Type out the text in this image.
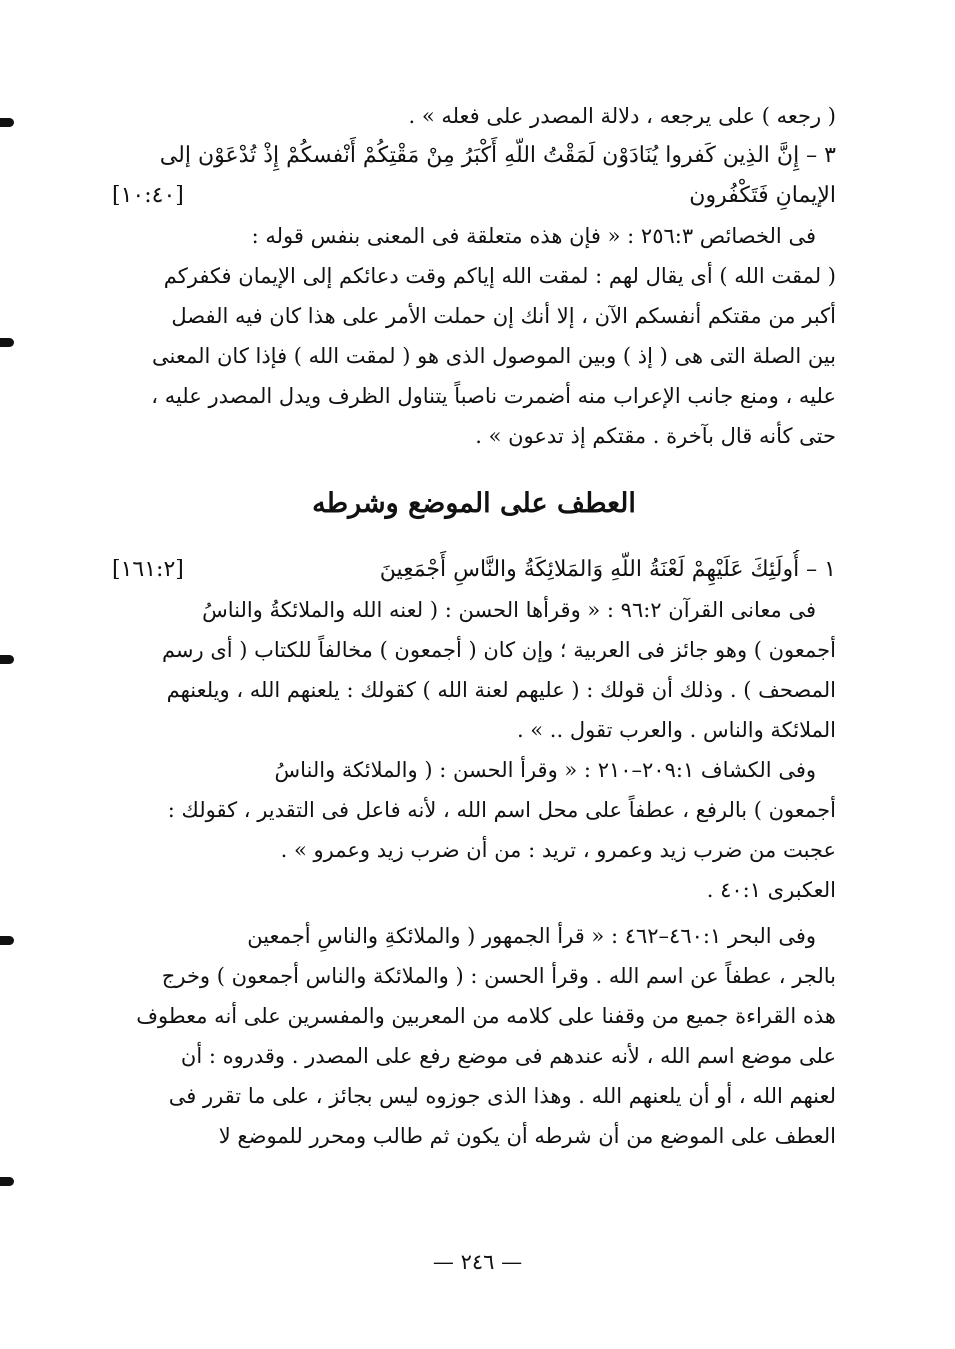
( رجعه ) على يرجعه ، دلالة المصدر على فعله » .
٣ – إِنَّ الذِين كَفروا يُنَادَوْن لَمَقْتُ اللّهِ أَكْبَرُ مِنْ مَقْتِكُمْ أَنْفسكُمْ إِذْ تُدْعَوْن إلى
الإيمانِ فَتَكْفُرون
[١٠:٤٠]
فى الخصائص ٢٥٦:٣ : « فإن هذه متعلقة فى المعنى بنفس قوله :
( لمقت الله ) أى يقال لهم : لمقت الله إياكم وقت دعائكم إلى الإيمان فكفركم
أكبر من مقتكم أنفسكم الآن ، إلا أنك إن حملت الأمر على هذا كان فيه الفصل
بين الصلة التى هى ( إذ ) وبين الموصول الذى هو ( لمقت الله ) فإذا كان المعنى
عليه ، ومنع جانب الإعراب منه أضمرت ناصباً يتناول الظرف ويدل المصدر عليه ،
حتى كأنه قال بآخرة . مقتكم إذ تدعون » .
العطف على الموضع وشرطه
١ – أُولَئِكَ عَلَيْهِمْ لَعْنَةُ اللّهِ وَالمَلائِكَةُ والنَّاسِ أَجْمَعِينَ
[١٦١:٢]
فى معانى القرآن ٩٦:٢ : « وقرأها الحسن : ( لعنه الله والملائكةُ والناسُ
أجمعون ) وهو جائز فى العربية ؛ وإن كان ( أجمعون ) مخالفاً للكتاب ( أى رسم
المصحف ) . وذلك أن قولك : ( عليهم لعنة الله ) كقولك : يلعنهم الله ، ويلعنهم
الملائكة والناس . والعرب تقول .. » .
وفى الكشاف ٢٠٩:١–٢١٠ : « وقرأ الحسن : ( والملائكة والناسُ
أجمعون ) بالرفع ، عطفاً على محل اسم الله ، لأنه فاعل فى التقدير ، كقولك :
عجبت من ضرب زيد وعمرو ، تريد : من أن ضرب زيد وعمرو » .
العكبرى ٤٠:١ .
وفى البحر ٤٦٠:١–٤٦٢ : « قرأ الجمهور ( والملائكةِ والناسِ أجمعين
بالجر ، عطفاً عن اسم الله . وقرأ الحسن : ( والملائكة والناس أجمعون ) وخرج
هذه القراءة جميع من وقفنا على كلامه من المعربين والمفسرين على أنه معطوف
على موضع اسم الله ، لأنه عندهم فى موضع رفع على المصدر . وقدروه : أن
لعنهم الله ، أو أن يلعنهم الله . وهذا الذى جوزوه ليس بجائز ، على ما تقرر فى
العطف على الموضع من أن شرطه أن يكون ثم طالب ومحرر للموضع لا
— ٢٤٦ —
